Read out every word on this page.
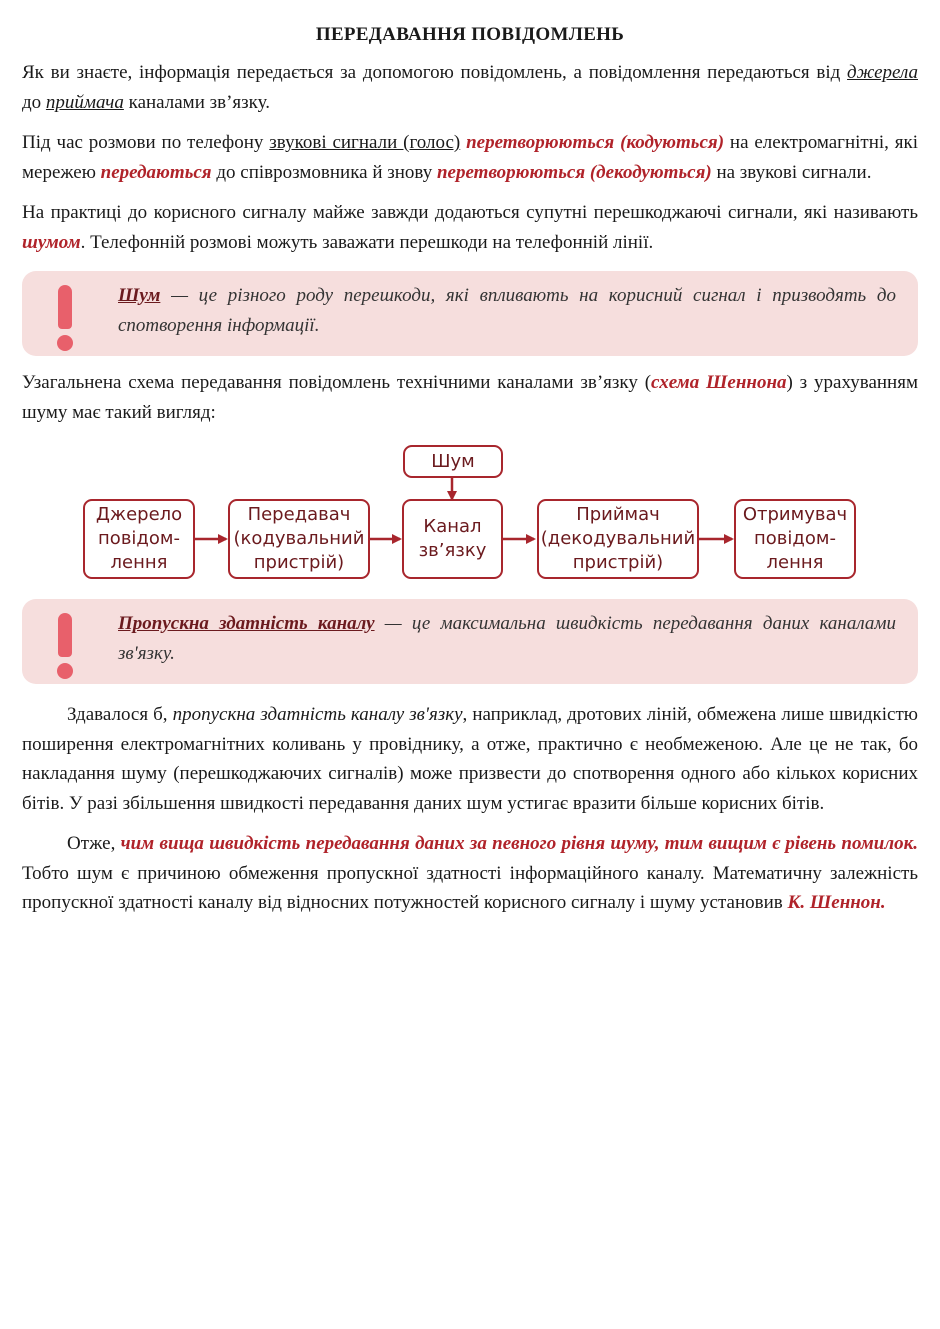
ПЕРЕДАВАННЯ ПОВІДОМЛЕНЬ

Як ви знаєте, інформація передається за допомогою повідомлень, а повідомлення передаються від джерела до приймача каналами зв’язку.

Під час розмови по телефону звукові сигнали (голос) перетворюються (кодуються) на електромагнітні, які мережею передаються до співрозмовника й знову перетворюються (декодуються) на звукові сигнали.

На практиці до корисного сигналу майже завжди додаються супутні перешкоджаючі сигнали, які називають шумом. Телефонній розмові можуть заважати перешкоди на телефонній лінії.

Шум — це різного роду перешкоди, які впливають на корисний сигнал і призводять до спотворення інформації.

Узагальнена схема передавання повідомлень технічними каналами зв’язку (схема Шеннона) з урахуванням шуму має такий вигляд:

Шум
Джерело
повідом-
лення
Передавач
(кодувальний
пристрій)
Канал
зв’язку
Приймач
(декодувальний
пристрій)
Отримувач
повідом-
лення
Пропускна здатність каналу — це максимальна швидкість передавання даних каналами зв'язку.

Здавалося б, пропускна здатність каналу зв'язку, наприклад, дротових ліній, обмежена лише швидкістю поширення електромагнітних коливань у провіднику, а отже, практично є необмеженою. Але це не так, бо накладання шуму (перешкоджаючих сигналів) може призвести до спотворення одного або кількох корисних бітів. У разі збільшення швидкості передавання даних шум устигає вразити більше корисних бітів.

Отже, чим вища швидкість передавання даних за певного рівня шуму, тим вищим є рівень помилок. Тобто шум є причиною обмеження пропускної здатності інформаційного каналу. Математичну залежність пропускної здатності каналу від відносних потужностей корисного сигналу і шуму установив К. Шеннон.
